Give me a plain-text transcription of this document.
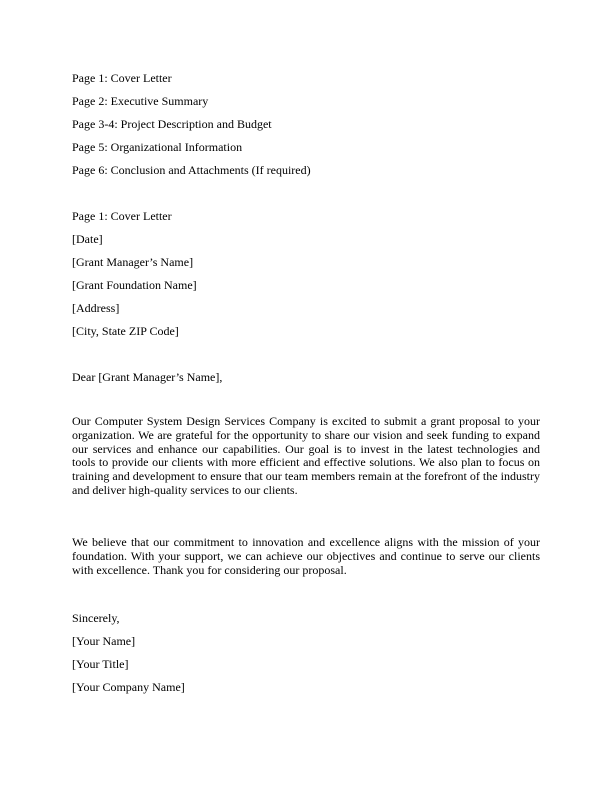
Page 1: Cover Letter
Page 2: Executive Summary
Page 3-4: Project Description and Budget
Page 5: Organizational Information
Page 6: Conclusion and Attachments (If required)
Page 1: Cover Letter
[Date]
[Grant Manager’s Name]
[Grant Foundation Name]
[Address]
[City, State ZIP Code]
Dear [Grant Manager’s Name],

Our Computer System Design Services Company is excited to submit a grant proposal to your organization. We are grateful for the opportunity to share our vision and seek funding to expand our services and enhance our capabilities. Our goal is to invest in the latest technologies and tools to provide our clients with more efficient and effective solutions. We also plan to focus on training and development to ensure that our team members remain at the forefront of the industry and deliver high-quality services to our clients.

We believe that our commitment to innovation and excellence aligns with the mission of your foundation. With your support, we can achieve our objectives and continue to serve our clients with excellence. Thank you for considering our proposal.

Sincerely,
[Your Name]
[Your Title]
[Your Company Name]
